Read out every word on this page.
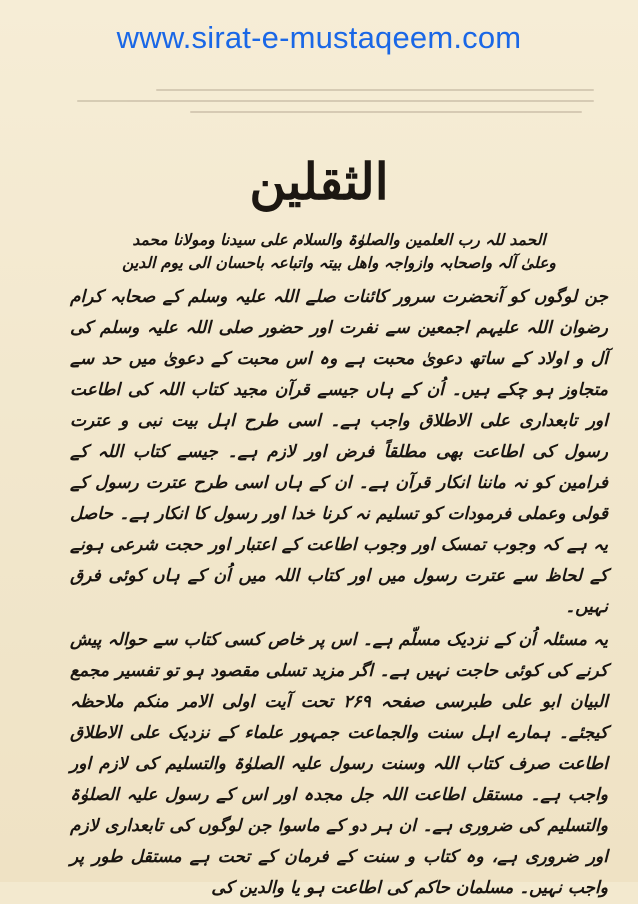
www.sirat-e-mustaqeem.com
الثقلین

الحمد للہ رب العلمین والصلوٰۃ والسلام علی سیدنا ومولانا محمد

وعلیٰ آلہ واصحابہ وازواجہ واھل بیتہ واتباعہ باحسان الی یوم الدین

جن لوگوں کو آنحضرت سرور کائنات صلے اللہ علیہ وسلم کے صحابہ کرام رضوان اللہ علیہم اجمعین سے نفرت اور حضور صلی اللہ علیہ وسلم کی آل و اولاد کے ساتھ دعویٰ محبت ہے وہ اس محبت کے دعویٰ میں حد سے متجاوز ہو چکے ہیں۔ اُن کے ہاں جیسے قرآن مجید کتاب اللہ کی اطاعت اور تابعداری علی الاطلاق واجب ہے۔ اسی طرح اہل بیت نبی و عترت رسول کی اطاعت بھی مطلقاً فرض اور لازم ہے۔ جیسے کتاب اللہ کے فرامین کو نہ ماننا انکار قرآن ہے۔ ان کے ہاں اسی طرح عترت رسول کے قولی وعملی فرمودات کو تسلیم نہ کرنا خدا اور رسول کا انکار ہے۔ حاصل یہ ہے کہ وجوب تمسک اور وجوب اطاعت کے اعتبار اور حجت شرعی ہونے کے لحاظ سے عترت رسول میں اور کتاب اللہ میں اُن کے ہاں کوئی فرق نہیں۔

یہ مسئلہ اُن کے نزدیک مسلّم ہے۔ اس پر خاص کسی کتاب سے حوالہ پیش کرنے کی کوئی حاجت نہیں ہے۔ اگر مزید تسلی مقصود ہو تو تفسیر مجمع البیان ابو علی طبرسی صفحہ ۲۶۹ تحت آیت اولی الامر منکم ملاحظہ کیجئے۔ ہمارے اہل سنت والجماعت جمہور علماء کے نزدیک علی الاطلاق اطاعت صرف کتاب اللہ وسنت رسول علیہ الصلوٰۃ والتسلیم کی لازم اور واجب ہے۔ مستقل اطاعت اللہ جل مجدہ اور اس کے رسول علیہ الصلوٰۃ والتسلیم کی ضروری ہے۔ ان ہر دو کے ماسوا جن لوگوں کی تابعداری لازم اور ضروری ہے، وہ کتاب و سنت کے فرمان کے تحت ہے مستقل طور پر واجب نہیں۔ مسلمان حاکم کی اطاعت ہو یا والدین کی
